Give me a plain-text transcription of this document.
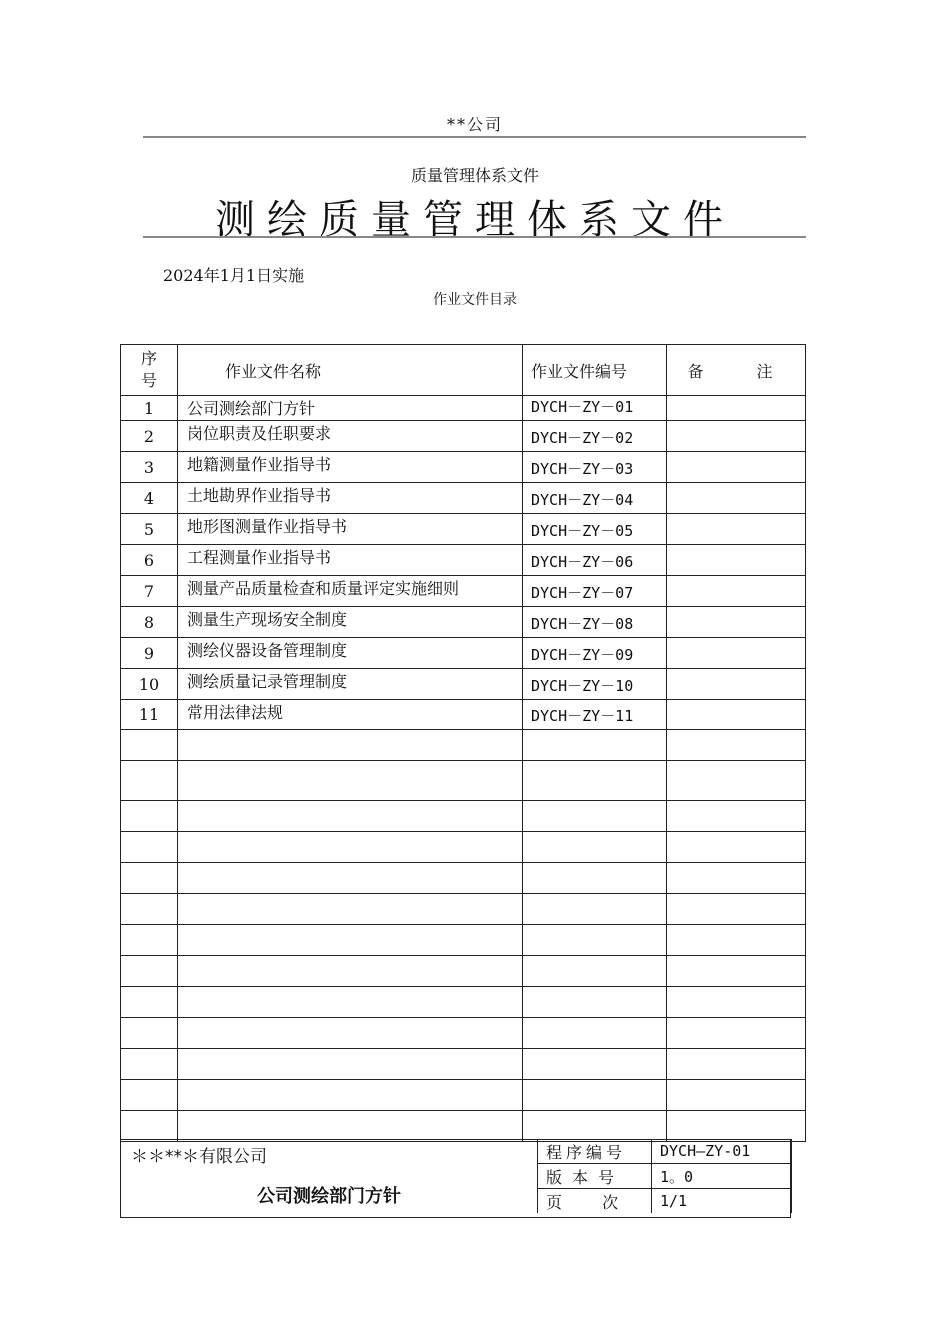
**公司
质量管理体系文件
测绘质量管理体系文件
2024年1月1日实施
作业文件目录
序号	作业文件名称	作业文件编号	备 注
1	公司测绘部门方针	DYCH－ZY－01	
2	岗位职责及任职要求	DYCH－ZY－02	
3	地籍测量作业指导书	DYCH－ZY－03	
4	土地勘界作业指导书	DYCH－ZY－04	
5	地形图测量作业指导书	DYCH－ZY－05	
6	工程测量作业指导书	DYCH－ZY－06	
7	测量产品质量检查和质量评定实施细则	DYCH－ZY－07	
8	测量生产现场安全制度	DYCH－ZY－08	
9	测绘仪器设备管理制度	DYCH－ZY－09	
10	测绘质量记录管理制度	DYCH－ZY－10	
11	常用法律法规	DYCH－ZY－11	

＊＊**＊有限公司
公司测绘部门方针
程序编号	DYCH—ZY-01
版本号	1。0
页  次	1/1
